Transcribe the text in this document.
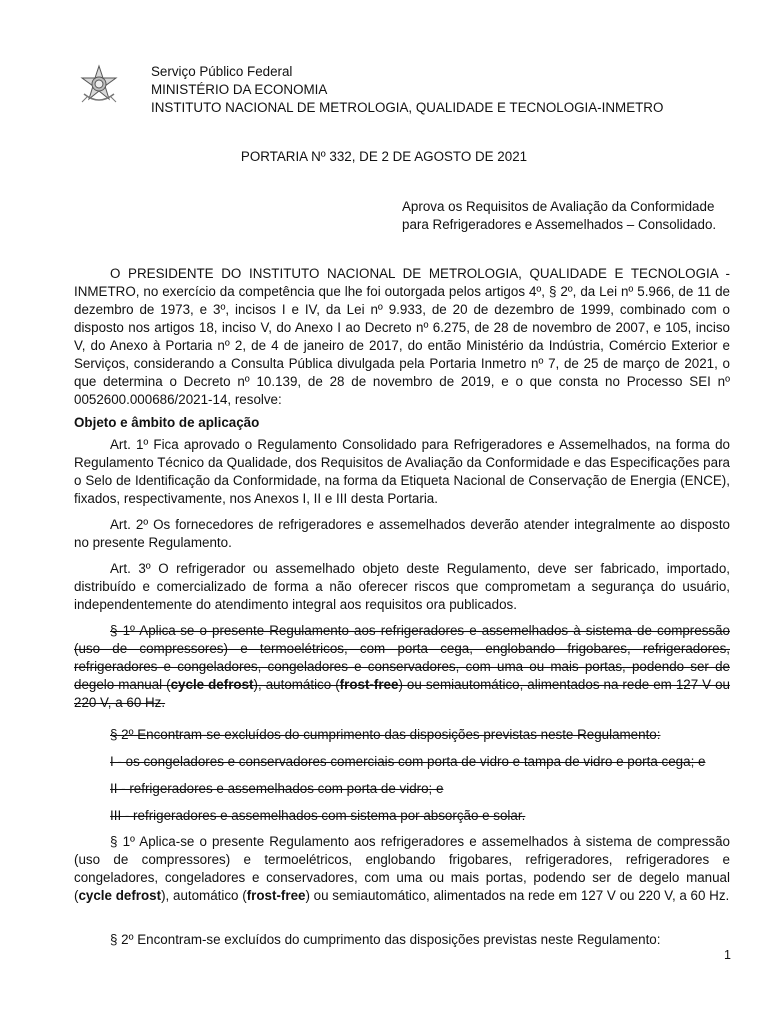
Serviço Público Federal
MINISTÉRIO DA ECONOMIA
INSTITUTO NACIONAL DE METROLOGIA, QUALIDADE E TECNOLOGIA-INMETRO
PORTARIA Nº 332, DE 2 DE AGOSTO DE 2021
Aprova os Requisitos de Avaliação da Conformidade
para Refrigeradores e Assemelhados – Consolidado.

O PRESIDENTE DO INSTITUTO NACIONAL DE METROLOGIA, QUALIDADE E TECNOLOGIA - INMETRO, no exercício da competência que lhe foi outorgada pelos artigos 4º, § 2º, da Lei nº 5.966, de 11 de dezembro de 1973, e 3º, incisos I e IV, da Lei nº 9.933, de 20 de dezembro de 1999, combinado com o disposto nos artigos 18, inciso V, do Anexo I ao Decreto nº 6.275, de 28 de novembro de 2007, e 105, inciso V, do Anexo à Portaria nº 2, de 4 de janeiro de 2017, do então Ministério da Indústria, Comércio Exterior e Serviços, considerando a Consulta Pública divulgada pela Portaria Inmetro nº 7, de 25 de março de 2021, o que determina o Decreto nº 10.139, de 28 de novembro de 2019, e o que consta no Processo SEI nº 0052600.000686/2021-14, resolve:

Objeto e âmbito de aplicação

Art. 1º Fica aprovado o Regulamento Consolidado para Refrigeradores e Assemelhados, na forma do Regulamento Técnico da Qualidade, dos Requisitos de Avaliação da Conformidade e das Especificações para o Selo de Identificação da Conformidade, na forma da Etiqueta Nacional de Conservação de Energia (ENCE), fixados, respectivamente, nos Anexos I, II e III desta Portaria.

Art. 2º Os fornecedores de refrigeradores e assemelhados deverão atender integralmente ao disposto no presente Regulamento.

Art. 3º O refrigerador ou assemelhado objeto deste Regulamento, deve ser fabricado, importado, distribuído e comercializado de forma a não oferecer riscos que comprometam a segurança do usuário, independentemente do atendimento integral aos requisitos ora publicados.

§ 1º Aplica-se o presente Regulamento aos refrigeradores e assemelhados à sistema de compressão (uso de compressores) e termoelétricos, com porta cega, englobando frigobares, refrigeradores, refrigeradores e congeladores, congeladores e conservadores, com uma ou mais portas, podendo ser de degelo manual (cycle defrost), automático (frost-free) ou semiautomático, alimentados na rede em 127 V ou 220 V, a 60 Hz.

§ 2º Encontram-se excluídos do cumprimento das disposições previstas neste Regulamento:

I - os congeladores e conservadores comerciais com porta de vidro e tampa de vidro e porta cega; e

II - refrigeradores e assemelhados com porta de vidro; e

III - refrigeradores e assemelhados com sistema por absorção e solar.

§ 1º Aplica-se o presente Regulamento aos refrigeradores e assemelhados à sistema de compressão (uso de compressores) e termoelétricos, englobando frigobares, refrigeradores, refrigeradores e congeladores, congeladores e conservadores, com uma ou mais portas, podendo ser de degelo manual (cycle defrost), automático (frost-free) ou semiautomático, alimentados na rede em 127 V ou 220 V, a 60 Hz.

§ 2º Encontram-se excluídos do cumprimento das disposições previstas neste Regulamento:

1
